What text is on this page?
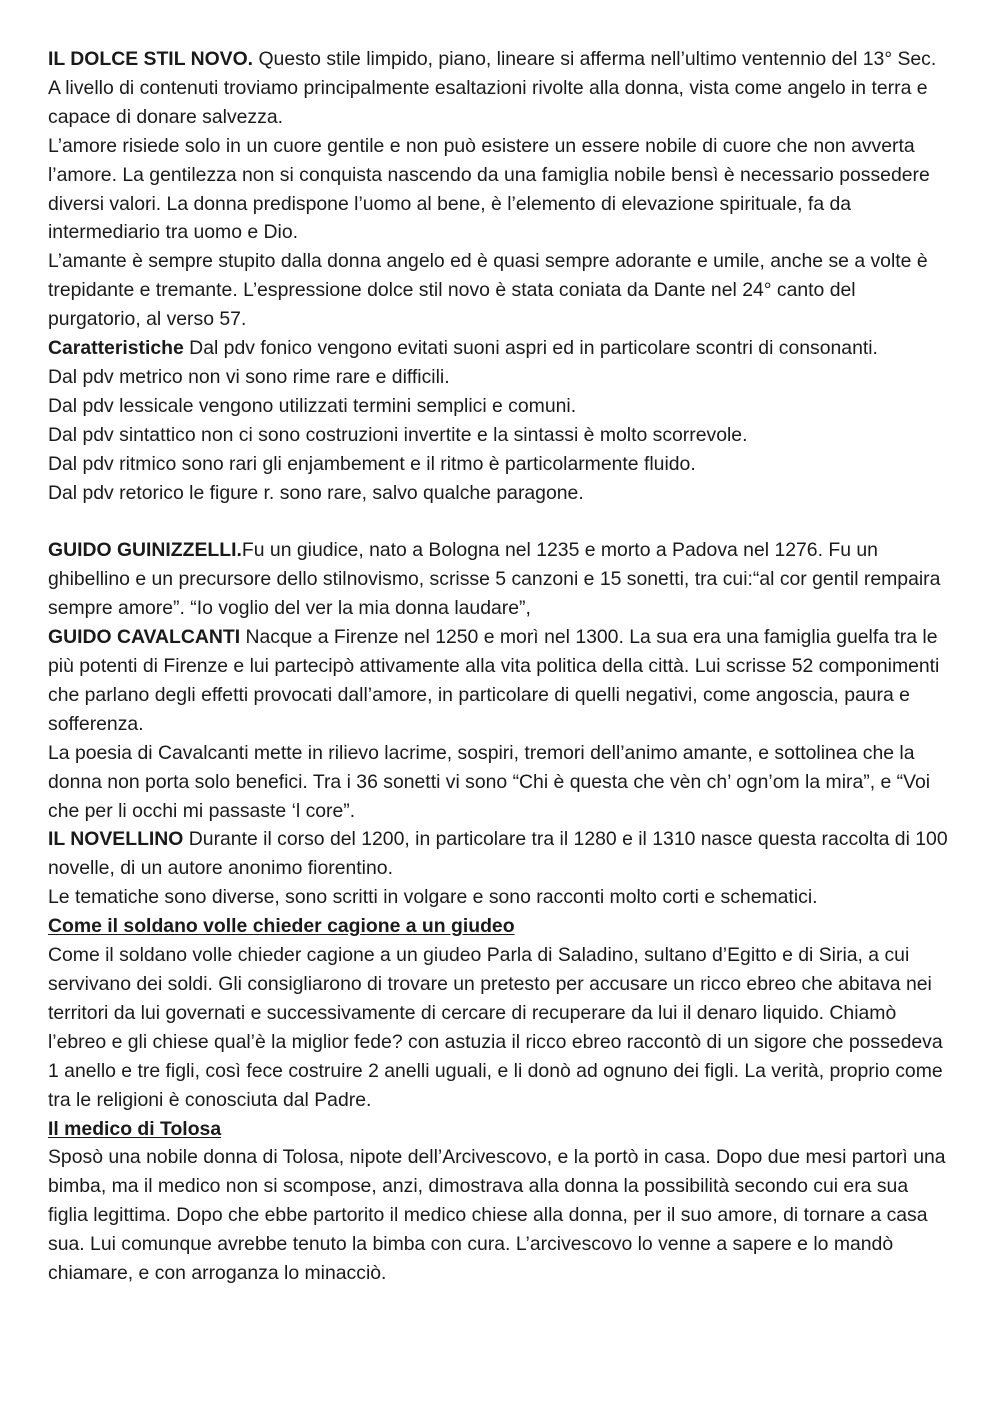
IL DOLCE STIL NOVO. Questo stile limpido, piano, lineare si afferma nell’ultimo ventennio del 13° Sec. A livello di contenuti troviamo principalmente esaltazioni rivolte alla donna, vista come angelo in terra e capace di donare salvezza.

L’amore risiede solo in un cuore gentile e non può esistere un essere nobile di cuore che non avverta l’amore. La gentilezza non si conquista nascendo da una famiglia nobile bensì è necessario possedere diversi valori. La donna predispone l’uomo al bene, è l’elemento di elevazione spirituale, fa da intermediario tra uomo e Dio.

L’amante è sempre stupito dalla donna angelo ed è quasi sempre adorante e umile, anche se a volte è trepidante e tremante. L’espressione dolce stil novo è stata coniata da Dante nel 24° canto del purgatorio, al verso 57.

Caratteristiche Dal pdv fonico vengono evitati suoni aspri ed in particolare scontri di consonanti.

Dal pdv metrico non vi sono rime rare e difficili.

Dal pdv lessicale vengono utilizzati termini semplici e comuni.

Dal pdv sintattico non ci sono costruzioni invertite e la sintassi è molto scorrevole.

Dal pdv ritmico sono rari gli enjambement e il ritmo è particolarmente fluido.

Dal pdv retorico le figure r. sono rare, salvo qualche paragone.

GUIDO GUINIZZELLI.Fu un giudice, nato a Bologna nel 1235 e morto a Padova nel 1276. Fu un ghibellino e un precursore dello stilnovismo, scrisse 5 canzoni e 15 sonetti, tra cui:“al cor gentil rempaira sempre amore”. “Io voglio del ver la mia donna laudare”,

GUIDO CAVALCANTI Nacque a Firenze nel 1250 e morì nel 1300. La sua era una famiglia guelfa tra le più potenti di Firenze e lui partecipò attivamente alla vita politica della città. Lui scrisse 52 componimenti che parlano degli effetti provocati dall’amore, in particolare di quelli negativi, come angoscia, paura e sofferenza.

La poesia di Cavalcanti mette in rilievo lacrime, sospiri, tremori dell’animo amante, e sottolinea che la donna non porta solo benefici. Tra i 36 sonetti vi sono “Chi è questa che vèn ch’ ogn’om la mira”, e “Voi che per li occhi mi passaste ‘l core”.

IL NOVELLINO Durante il corso del 1200, in particolare tra il 1280 e il 1310 nasce questa raccolta di 100 novelle, di un autore anonimo fiorentino.

Le tematiche sono diverse, sono scritti in volgare e sono racconti molto corti e schematici.

Come il soldano volle chieder cagione a un giudeo

Come il soldano volle chieder cagione a un giudeo Parla di Saladino, sultano d’Egitto e di Siria, a cui servivano dei soldi. Gli consigliarono di trovare un pretesto per accusare un ricco ebreo che abitava nei territori da lui governati e successivamente di cercare di recuperare da lui il denaro liquido. Chiamò l’ebreo e gli chiese qual’è la miglior fede? con astuzia il ricco ebreo raccontò di un sigore che possedeva 1 anello e tre figli, così fece costruire 2 anelli uguali, e li donò ad ognuno dei figli. La verità, proprio come tra le religioni è conosciuta dal Padre.

Il medico di Tolosa

Sposò una nobile donna di Tolosa, nipote dell’Arcivescovo, e la portò in casa. Dopo due mesi partorì una bimba, ma il medico non si scompose, anzi, dimostrava alla donna la possibilità secondo cui era sua figlia legittima. Dopo che ebbe partorito il medico chiese alla donna, per il suo amore, di tornare a casa sua. Lui comunque avrebbe tenuto la bimba con cura. L’arcivescovo lo venne a sapere e lo mandò chiamare, e con arroganza lo minacciò.
